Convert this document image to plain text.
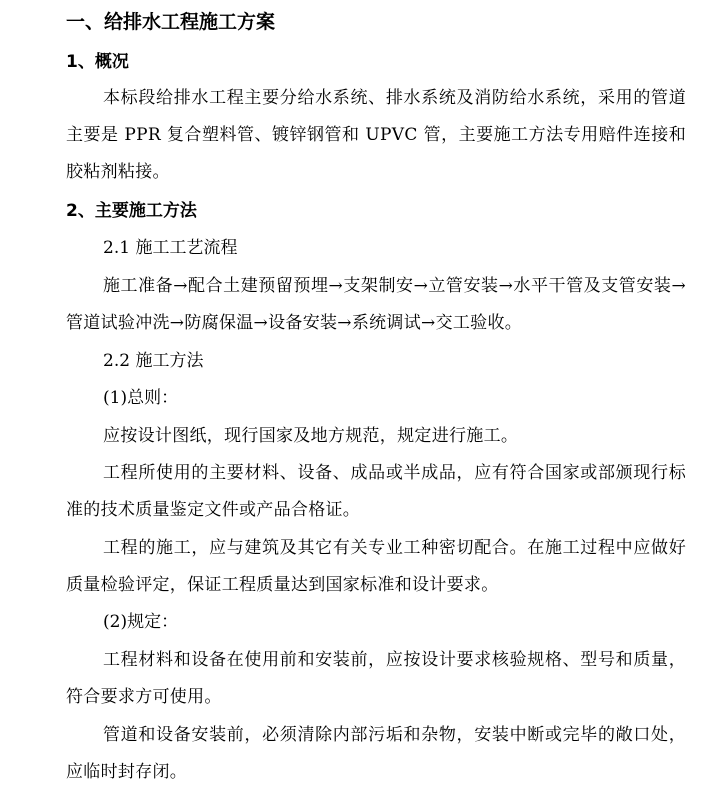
一、给排水工程施工方案
1、概况
本标段给排水工程主要分给水系统、排水系统及消防给水系统，采用的管道主要是 PPR 复合塑料管、镀锌钢管和 UPVC 管，主要施工方法专用赔件连接和胶粘剂粘接。
2、主要施工方法
2.1 施工工艺流程
施工准备→配合土建预留预埋→支架制安→立管安装→水平干管及支管安装→管道试验冲洗→防腐保温→设备安装→系统调试→交工验收。
2.2 施工方法
(1)总则：
应按设计图纸，现行国家及地方规范，规定进行施工。
工程所使用的主要材料、设备、成品或半成品，应有符合国家或部颁现行标准的技术质量鉴定文件或产品合格证。
工程的施工，应与建筑及其它有关专业工种密切配合。在施工过程中应做好质量检验评定，保证工程质量达到国家标准和设计要求。
(2)规定：
工程材料和设备在使用前和安装前，应按设计要求核验规格、型号和质量，符合要求方可使用。
管道和设备安装前，必须清除内部污垢和杂物，安装中断或完毕的敞口处，应临时封存闭。
